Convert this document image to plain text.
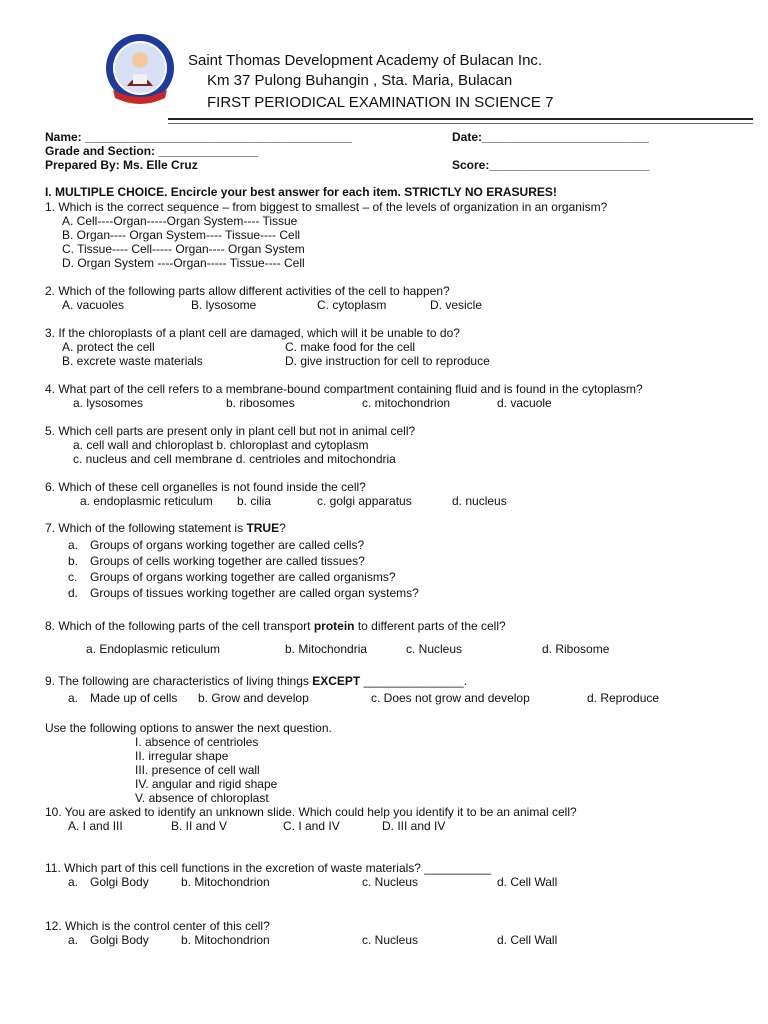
Saint Thomas Development Academy of Bulacan Inc.
Km 37 Pulong Buhangin , Sta. Maria, Bulacan
FIRST PERIODICAL EXAMINATION IN SCIENCE 7
Name: ________________________________________	Date:_________________________
Grade and Section: _______________
Prepared By: Ms. Elle Cruz	Score:________________________
I. MULTIPLE CHOICE. Encircle your best answer for each item. STRICTLY NO ERASURES!
1. Which is the correct sequence – from biggest to smallest – of the levels of organization in an organism?
A. Cell----Organ-----Organ System---- Tissue
B. Organ---- Organ System---- Tissue---- Cell
C. Tissue---- Cell----- Organ---- Organ System
D. Organ System ----Organ----- Tissue---- Cell
2. Which of the following parts allow different activities of the cell to happen?
A. vacuoles	B. lysosome	C. cytoplasm	D. vesicle
3. If the chloroplasts of a plant cell are damaged, which will it be unable to do?
A. protect the cell	C. make food for the cell
B. excrete waste materials	D. give instruction for cell to reproduce
4. What part of the cell refers to a membrane-bound compartment containing fluid and is found in the cytoplasm?
a. lysosomes	b. ribosomes	c. mitochondrion	d. vacuole
5. Which cell parts are present only in plant cell but not in animal cell?
a. cell wall and chloroplast b. chloroplast and cytoplasm
c. nucleus and cell membrane d. centrioles and mitochondria
6. Which of these cell organelles is not found inside the cell?
a. endoplasmic reticulum b. cilia	c. golgi apparatus	d. nucleus
7. Which of the following statement is TRUE?
a. Groups of organs working together are called cells?
b. Groups of cells working together are called tissues?
c. Groups of organs working together are called organisms?
d. Groups of tissues working together are called organ systems?
8. Which of the following parts of the cell transport protein to different parts of the cell?
a. Endoplasmic reticulum	b. Mitochondria	c. Nucleus	d. Ribosome
9. The following are characteristics of living things EXCEPT _______________.
a. Made up of cells b. Grow and develop	c. Does not grow and develop	d. Reproduce
Use the following options to answer the next question.
I. absence of centrioles
II. irregular shape
III. presence of cell wall
IV. angular and rigid shape
V. absence of chloroplast
10. You are asked to identify an unknown slide. Which could help you identify it to be an animal cell?
A. I and III	B. II and V	C. I and IV	D. III and IV
11. Which part of this cell functions in the excretion of waste materials? __________
a. Golgi Body	b. Mitochondrion	c. Nucleus	d. Cell Wall
12. Which is the control center of this cell?
a. Golgi Body	b. Mitochondrion	c. Nucleus	d. Cell Wall
